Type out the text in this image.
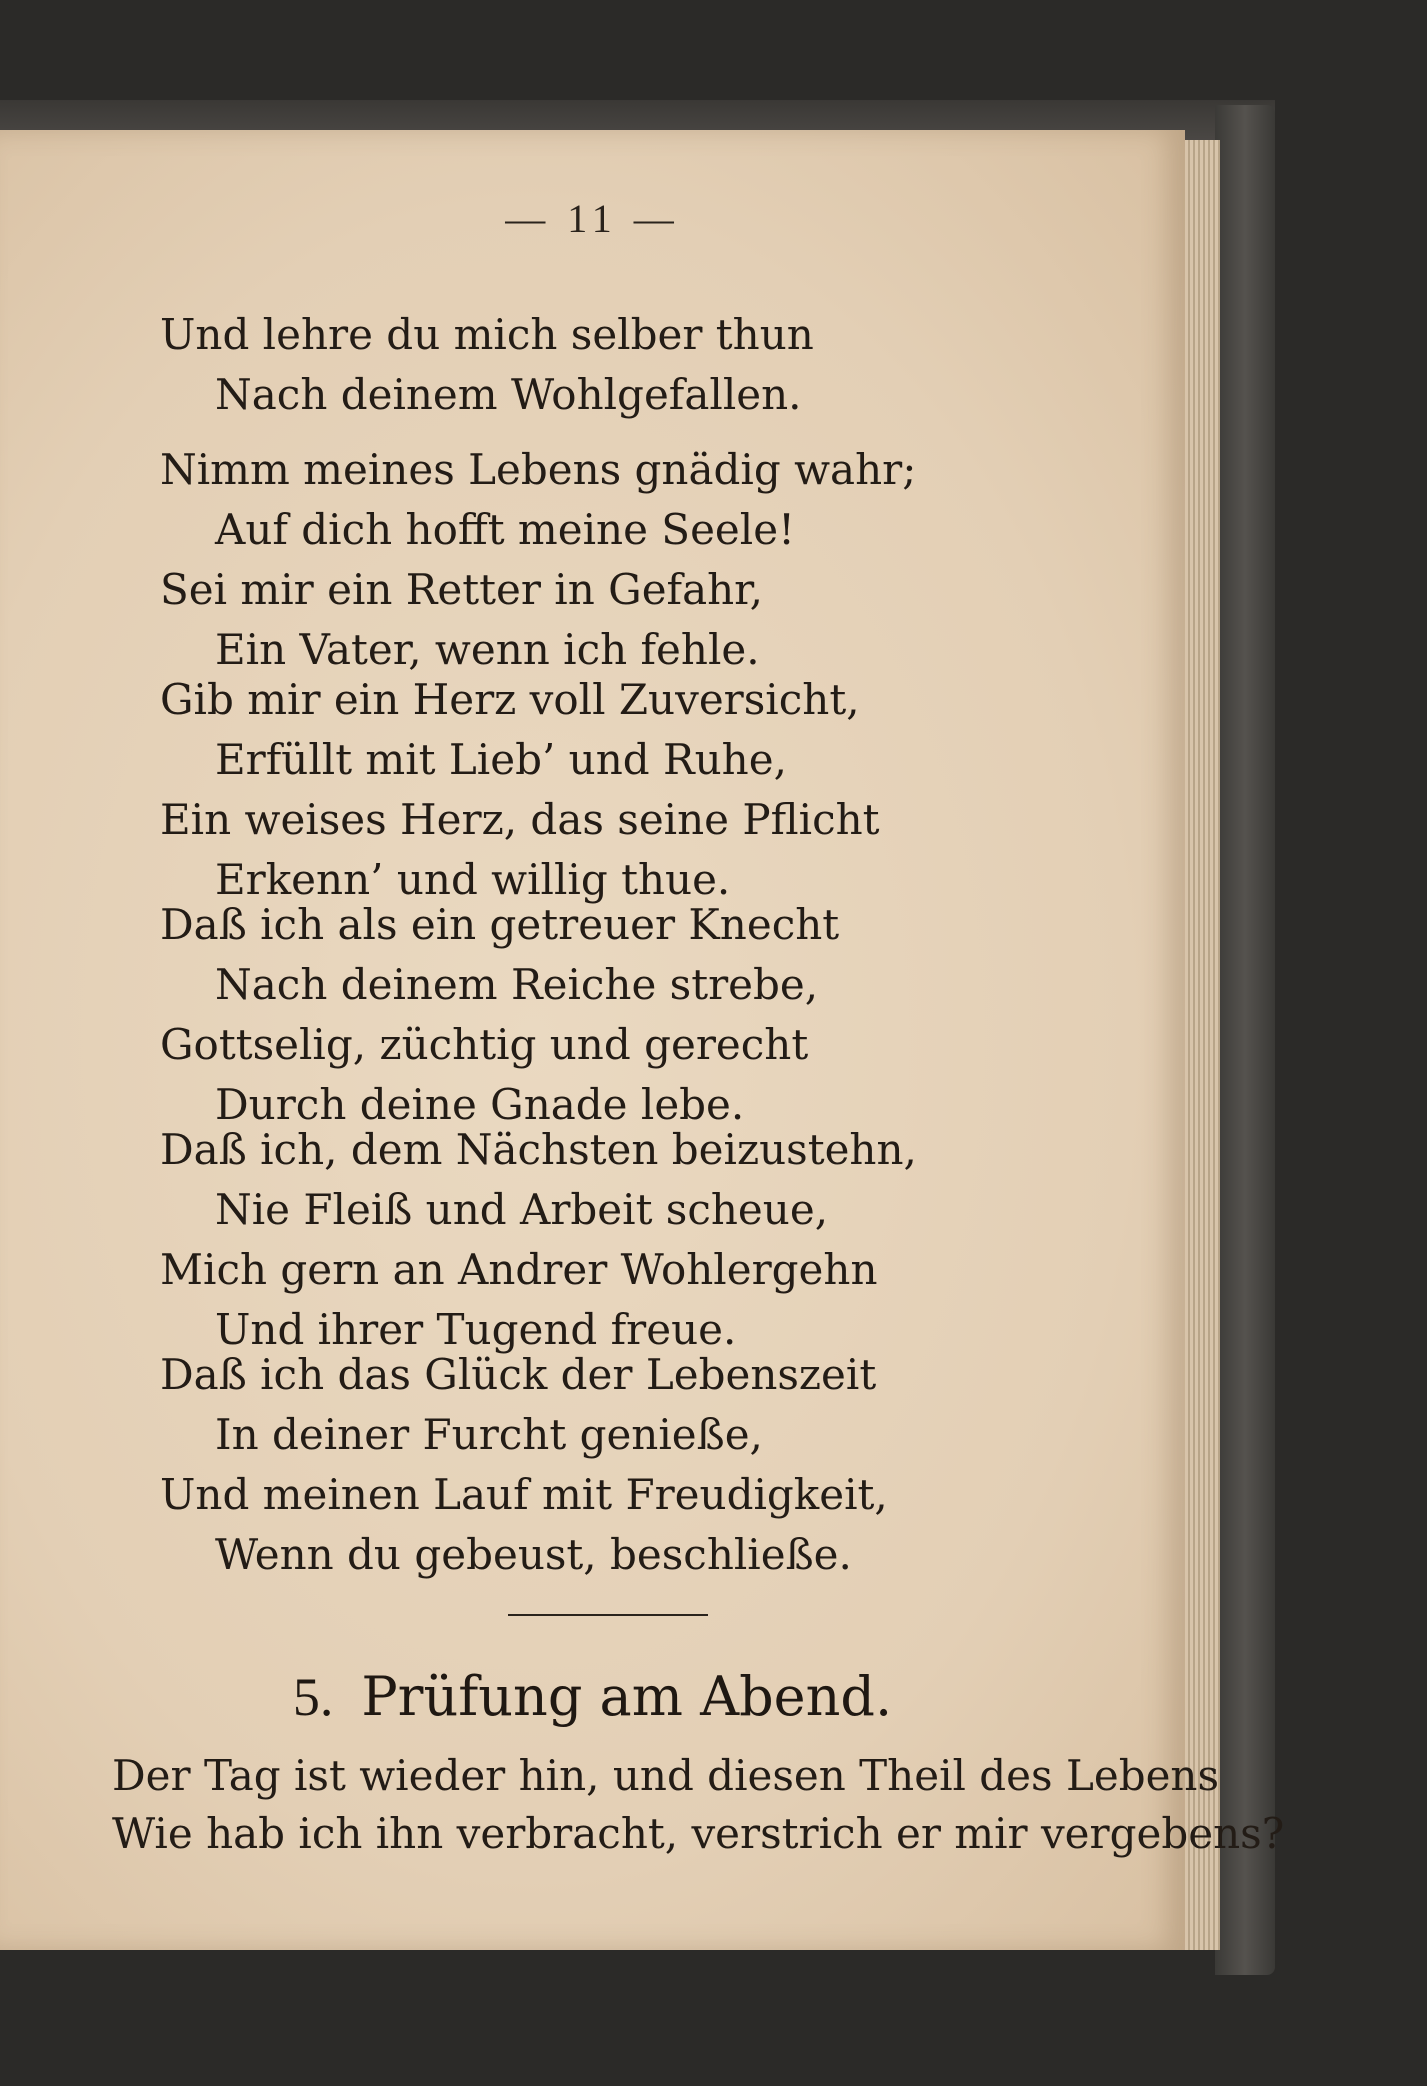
— 11 —
Und lehre du mich selber thun
Nach deinem Wohlgefallen.
Nimm meines Lebens gnädig wahr;
Auf dich hofft meine Seele!
Sei mir ein Retter in Gefahr,
Ein Vater, wenn ich fehle.
Gib mir ein Herz voll Zuversicht,
Erfüllt mit Lieb’ und Ruhe,
Ein weises Herz, das seine Pflicht
Erkenn’ und willig thue.
Daß ich als ein getreuer Knecht
Nach deinem Reiche strebe,
Gottselig, züchtig und gerecht
Durch deine Gnade lebe.
Daß ich, dem Nächsten beizustehn,
Nie Fleiß und Arbeit scheue,
Mich gern an Andrer Wohlergehn
Und ihrer Tugend freue.
Daß ich das Glück der Lebenszeit
In deiner Furcht genieße,
Und meinen Lauf mit Freudigkeit,
Wenn du gebeust, beschließe.
5. Prüfung am Abend.
Der Tag ist wieder hin, und diesen Theil des Lebens
Wie hab ich ihn verbracht, verstrich er mir vergebens?
